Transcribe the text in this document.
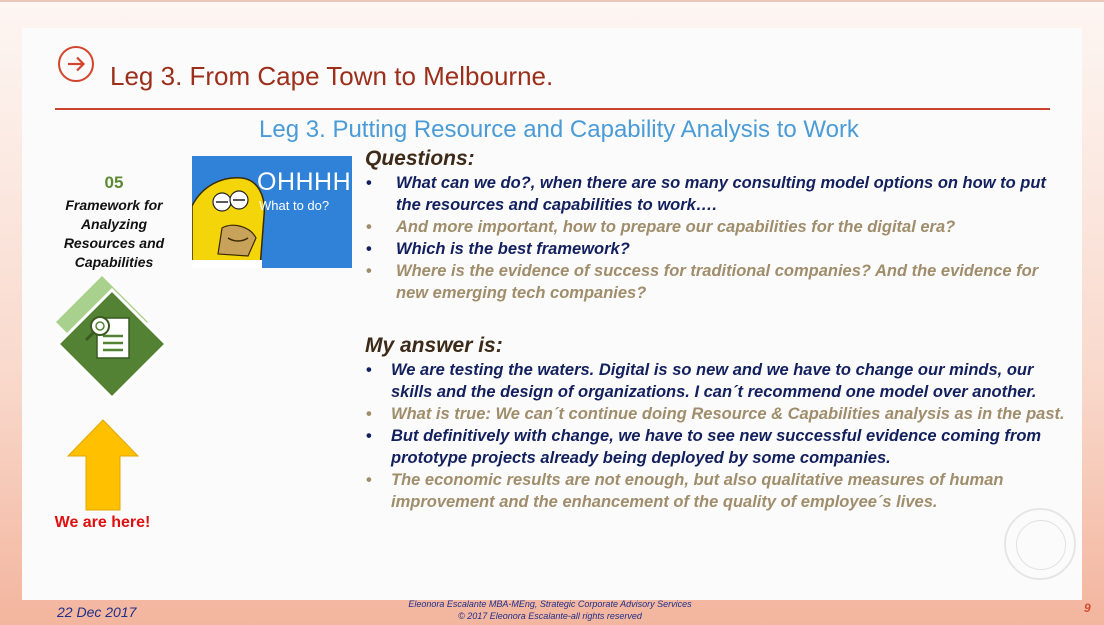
Leg 3. From Cape Town to Melbourne.
Leg 3. Putting Resource and Capability Analysis to Work
05
Framework for Analyzing Resources and Capabilities
We are here!
OHHHH
What to do?

Questions:

• What can we do?, when there are so many consulting model options on how to put the resources and capabilities to work….
• And more important, how to prepare our capabilities for the digital era?
• Which is the best framework?
• Where is the evidence of success for traditional companies? And the evidence for new emerging tech companies?

My answer is:

• We are testing the waters. Digital is so new and we have to change our minds, our skills and the design of organizations. I can´t recommend one model over another.
• What is true: We can´t continue doing Resource & Capabilities analysis as in the past.
• But definitively with change, we have to see new successful evidence coming from prototype projects already being deployed by some companies.
• The economic results are not enough, but also qualitative measures of human improvement and the enhancement of the quality of employee´s lives.
22 Dec 2017	Eleonora Escalante MBA-MEng, Strategic Corporate Advisory Services
© 2017 Eleonora Escalante-all rights reserved
9
